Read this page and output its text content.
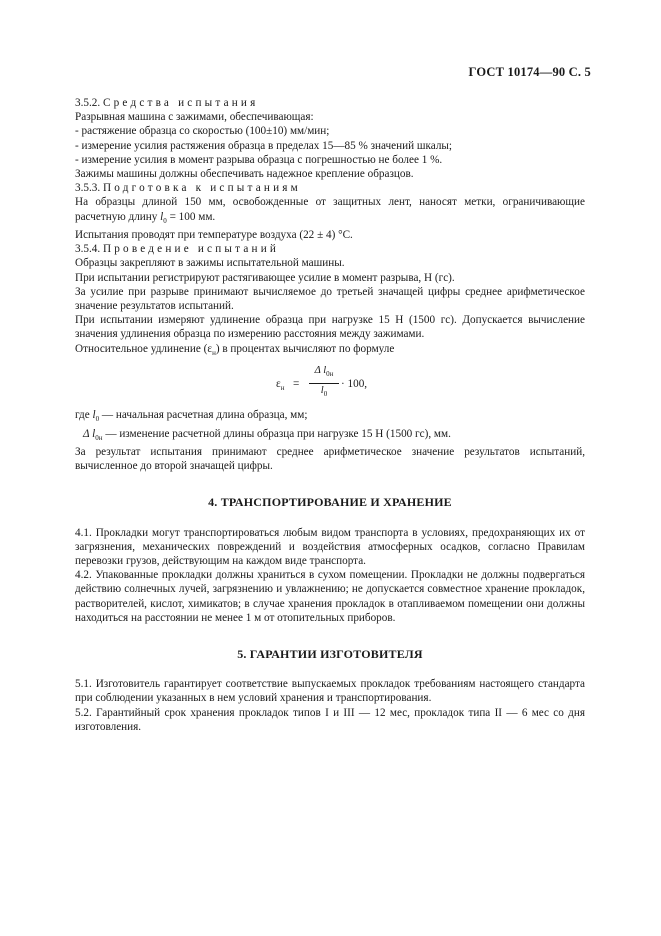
ГОСТ 10174—90 С. 5

3.5.2. Средства испытания

Разрывная машина с зажимами, обеспечивающая:

- растяжение образца со скоростью (100±10) мм/мин;

- измерение усилия растяжения образца в пределах 15—85 % значений шкалы;

- измерение усилия в момент разрыва образца с погрешностью не более 1 %.

Зажимы машины должны обеспечивать надежное крепление образцов.

3.5.3. Подготовка к испытаниям

На образцы длиной 150 мм, освобожденные от защитных лент, наносят метки, ограничивающие расчетную длину $l_0 = 100$ мм.

Испытания проводят при температуре воздуха (22 ± 4) °С.

3.5.4. Проведение испытаний

Образцы закрепляют в зажимы испытательной машины.

При испытании регистрируют растягивающее усилие в момент разрыва, Н (гс).

За усилие при разрыве принимают вычисляемое до третьей значащей цифры среднее арифметическое значение результатов испытаний.

При испытании измеряют удлинение образца при нагрузке 15 Н (1500 гс). Допускается вычисление значения удлинения образца по измерению расстояния между зажимами.

Относительное удлинение $(\varepsilon_н)$ в процентах вычисляют по формуле

$\varepsilon_н$ =
Δ $l_{0н}$
$l_0$
· 100,

где $l_0$ — начальная расчетная длина образца, мм;

Δ $l_{0н}$ — изменение расчетной длины образца при нагрузке 15 Н (1500 гс), мм.

За результат испытания принимают среднее арифметическое значение результатов испытаний, вычисленное до второй значащей цифры.

4. ТРАНСПОРТИРОВАНИЕ И ХРАНЕНИЕ

4.1. Прокладки могут транспортироваться любым видом транспорта в условиях, предохраняющих их от загрязнения, механических повреждений и воздействия атмосферных осадков, согласно Правилам перевозки грузов, действующим на каждом виде транспорта.

4.2. Упакованные прокладки должны храниться в сухом помещении. Прокладки не должны подвергаться действию солнечных лучей, загрязнению и увлажнению; не допускается совместное хранение прокладок, растворителей, кислот, химикатов; в случае хранения прокладок в отапливаемом помещении они должны находиться на расстоянии не менее 1 м от отопительных приборов.

5. ГАРАНТИИ ИЗГОТОВИТЕЛЯ

5.1. Изготовитель гарантирует соответствие выпускаемых прокладок требованиям настоящего стандарта при соблюдении указанных в нем условий хранения и транспортирования.

5.2. Гарантийный срок хранения прокладок типов I и III — 12 мес, прокладок типа II — 6 мес со дня изготовления.
